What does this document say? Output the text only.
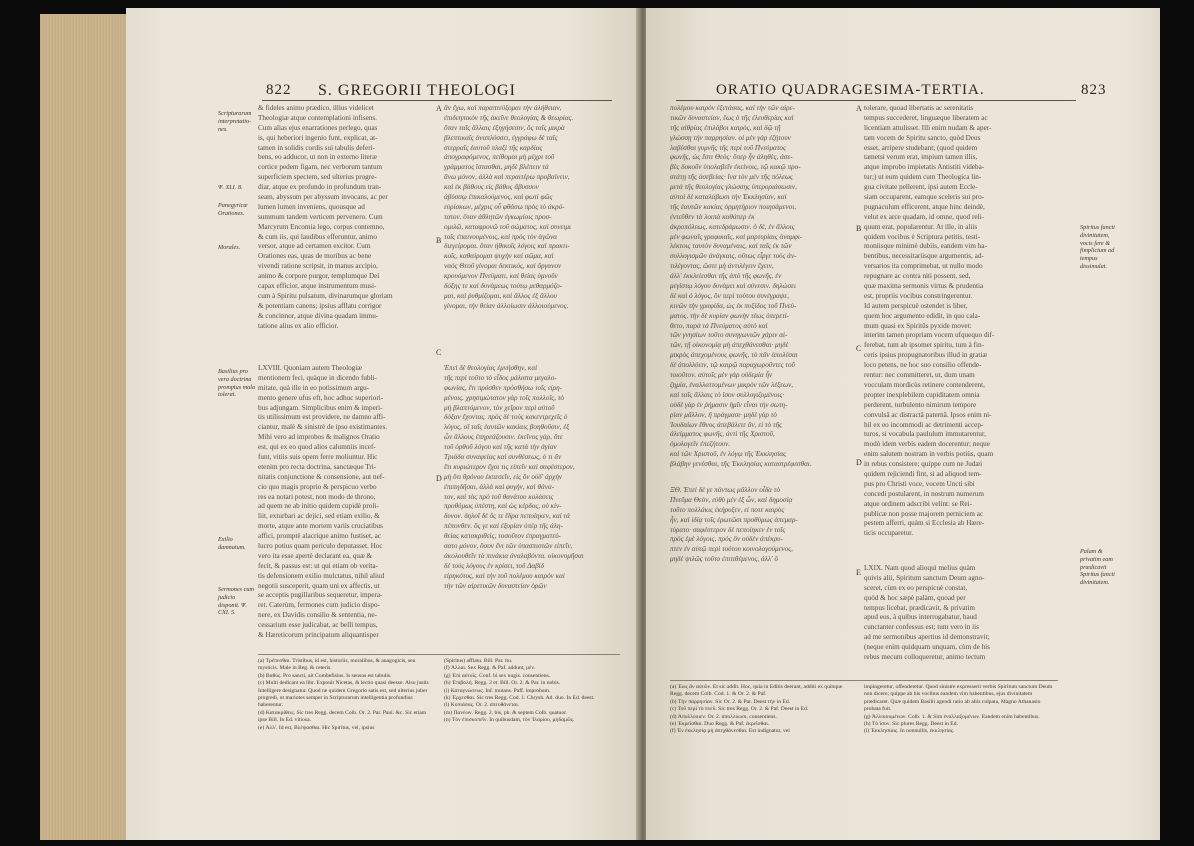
822 S. GREGORII THEOLOGI
Scripturarum interpretatio-nes.
Ψ. XLI. 8.
Panegyricæ Orationes.
Morales.
Basilius pro vera doctrina promptus mala tolerat.
Exilio damnatum.
Sermones cum judicio disponit. Ψ. CXI. 5.
& fideles animo prædico, illius videlicet
Theologiæ atque contemplationi infisens.
Cum alias ejus enarrationes perlego, quas
is, qui heberiori ingenio funt, explicat, at-
tamen in solidis cordis sui tabulis deferi-
bens, eo adducor, ut non in externo literæ
cortice pedem figam, nec verborum tantum
superficiem spectem, sed ulterius progre-
diar, atque ex profundo in profundum tran-
seam, abyssum per abyssum invocans, ac per
lumen lumen inveniens, quousque ad
summum tandem verticem pervenero. Cum
Marcyrum Encomia lego, corpus contemno,
& cum iis, qui laudibus efferuntur, animo
versor, atque ad certamen excitor. Cum
Orationes eas, quas de moribus ac bene
vivendi ratione scripsit, in manus accipio,
animo & corpore purgor, templumque Dei
capax efficior, atque instrumentum musi-
cum à Spiritu pulsatum, divinarumque gloriam
& potentiam canens; ipsius afflatu corrigor
& concinnor, atque divina quadam immu-
tatione alius ex alio efficior.
LXVIII. Quoniam autem Theologiæ
mentionem feci, quàque in dicendo fubli-
mitate, quà ille in eo potissimum argu-
mento genere ufus eft, hoc adhuc superiori-
bus adjungam. Simplicibus enim & imperi-
tis utilissimum est providere, ne damno affi-
ciantur, malè & sinistrè de ipso existimantes.
Mihi vero ad improbos & malignos Oratio
est, qui ex eo quod alios calumniis incef-
funt, vitiis suis opem ferre moliuntur. Hic
etenim pro recta doctrina, sanctæque Tri-
nitatis conjunctione & consensione, aut nef-
cio quo magis proprio & perspicuo verbo
res ea notari potest, non modo de throno,
ad quem ne ab initio quidem cupidè proli-
liit, exturbari ac dejici, sed etiam exilio, &
morte, atque ante mortem variis cruciatibus
affici, promptè alacrique animo fustiset, ac
lucro potius quam periculo deputasset. Hoc
vero ita esse apertè declarant ea, quæ &
fecit, & passus est: ut qui etiam ob verita-
tis defensionem exilio mulctatus, nihil aliud
negotii susceperit, quam uni ex affectis, ut
se acceptis pugillaribus sequeretur, impera-
ret. Caterùm, fermones cum judicio dispo-
nere, ex Davidis consilio & sententia, ne-
cessarium esse judicabat, ac belli tempus,
& Hæreticorum principatum aliquantisper
ἂν ἔχω, καὶ παραπτεύξομαι τὴν ἀλήθειαν,
ἐπιδεηπικὸν τῆς ἀκεῖνε θεολογίας & θεωρίας.
ὅταν ταῖς ἄλλαις ἐξηγήσεσιν, ὅς ταῖς μικρὰ
βλεπτικαῖς ἀναπλύσσει, ἐγγράφω δὲ ταῖς
στερραῖς ἑαυτοῦ πλαξὶ τῆς καρδίας
ἀπογραφόμενος, πείθομαι μὴ μέχρι τοῦ
γράμματος ἵστασθαι, μηδὲ βλέπειν τὰ
ἄνω μόνον, ἀλλὰ καὶ περαιτέρω προβαίνειν,
καὶ ἐκ βάθους εἰς βάθος ἄβυσσον
ἀβύσσῳ ἐπικαλούμενος, καὶ φωτὶ φῶς
εὑρίσκων, μέχρις οὗ φθάσω πρὸς τὸ ἀκρό-
τατον. ὅταν ἀθλητῶν ἐγκωμίοις προσ-
ομιλῶ, καταφρονῶ τοῦ σώματος, καὶ συνειμι
τοῖς ἐπαινουμένοις, καὶ πρὸς τὸν ἀγῶνα
διεγείρομαι. ὅταν ἠθικοῖς λόγοις καὶ πρακτι-
κοῖς, καθαίρομαι ψυχὴν καὶ σῶμα, καὶ
ναὸς Θεοῦ γίνομαι δεκτικός, καὶ ὄργανον
κρουόμενον Πνεύματι, καὶ θείας ὑμνοῦν
δόξης τε καὶ δυνάμεως τούτῳ μεθαρμόζο-
μαι, καὶ ῥυθμίζομαι, καὶ ἄλλος ἐξ ἄλλου
γίνομαι, τὴν θείαν ἀλλοίωσιν ἀλλοιούμενος.
Ἐπεὶ δὲ θεολογίας ἐμνήσθην, καὶ
τῆς περὶ τοῦτο τὸ εἶδος μάλιστα μεγαλο-
φωνίας, ἔτι πρόσθεν πρὸσθήσω τοῖς εἰρη-
μένοις. χρησιμώτατον γὰρ τοῖς πολλοῖς, τὸ
μὴ βλαπτόμενον, τὸν χεῖρον περὶ αὐτοῦ
δόξαν ἔχοντας. πρὸς δὲ τοὺς κακεντρεχεῖς ὁ
λόγος, οἳ ταῖς ἑαυτῶν κακίαις βοηθοῦσιν, ἐξ
ὧν ἄλλους ἐπηρεάζουσιν. ἐκεῖνος γὰρ, ὅτε
τοῦ ὀρθοῦ λόγου καὶ τῆς κατὰ τὴν ἁγίαν
Τριάδα συναφείας καὶ συνθέσεως, ὁ τι ἄν
ἔτι κυριώτερον ἔχοι τις εἰπεῖν καὶ σαφέστερον,
μὴ ὅτι θρόνου ἐκπεσεῖν, εἰς ὃν οὐδ' ἀρχὴν
ἐπιπηδῆσαι, ἀλλὰ καὶ φυγὴν, καὶ θάνα-
τον, καὶ τὰς πρὸ τοῦ θανάτου κολάσεις
προθύμως ὑπέστη, καὶ ὡς κέρδος, οὐ κίν-
δυνον. δηλοῖ δὲ ὅς τε ἔδρα πεποίηκεν, καὶ τὰ
πέπονθεν. ὅς γε καὶ ἐξορίαν ὑπὲρ τῆς ἀλη-
θείας κατακριθεὶς, τοσοῦτον ἐπραγματεύ-
σατο μόνον, ὅσον ἕνι τῶν ὑπασπιστῶν εἰπεῖν,
ἀκολουθεῖν τὰ πινάκια ἀναλαβόντα. οἰκονομῆσαι
δὲ τοὺς λόγους ἐν κρίσει, τοῦ Δαβὶδ
εἰρηκότος, καὶ τὴν τοῦ πολέμου καιρὸν καὶ
τὴν τῶν αἱρετικῶν δυναστείαν ὁρῶν
A
B
C
D
(a) Τρέπεσθαι. Tristibus, id est, historiis, moralibus, & anagogicis, seu mysticis. Male in Reg. & ceteris.
(b) Βαθὺς. Pro sancti, ait Combefisius. Is sensus est tabulis.
(c) Multi dedicant ea libr. Exponit Nicetas, & lectio quasi deesse. Also justis Intelligere designatur. Quod ne quidem Gregorio satis est, sed ulterius juber progredi, ut mariotes semper in Scripturarum intelligentia profundius haberentur.
(d) Κατακρίθεις. Sic tres Regg. decem Colb. Or. 2. Par. Paul. &c. Sic etiam ipse Bill. In Ed. vitiosa.
(e) Ἀλλ'. Id est, Βλέψασθαι. Hic Spiritus, vel, ipsius
(Spiritus) afflatu. Bill. Par. itu.
(f) Ἀλλαι. Sex Regg. & Paf. addunt, μὲν.
(g) Ἐπὶ αὐτοῖς. Conf. hi sex nugis. consentiens.
(h) Ἐπιβολή. Regg. 2 et. Bill. Or. 2. & Par. in nobis.
(i) Καταγνώσεως. Inf. mutans. Paff. improbum.
(k) Ἐρχεσθαι. Sic tres Regg. Cod. 1. Chrysh. Ad. duo. In Ed. deest.
(l) Κοπιάσας. Or. 2. ἀπευθάνεται.
(m) Πανέων. Regg. 2. bis, ph. & septem Colb. quatuor.
(n) Τὸν ἐπισκοπεῖν. In quibusdam, τὸν Ἱλαρίου, μηδαμῶς.
ORATIO QUADRAGESIMA-TERTIA.	823
πολέμου καιρὸν ἐξετάσας, καὶ τὴν τῶν αἱρε-
τικῶν δυναστείαν, ἕως ὁ τῆς ἐλευθερίας καὶ
τῆς αἰθρίας ἐπιλάβοι καιρὸς, καὶ δῷ τῇ
γλώσσῃ τὴν παρρησίαν. οἱ μὲν γὰρ ἐζήτουν
λαβέσθαι γυμνῆς τῆς περὶ τοῦ Πνεύματος
φωνῆς, ὡς ἔστι Θεὸς· ὅπερ ἦν ἀληθὲς, ἀσε-
βὲς δοκοῦν ὑπολαβεῖν ἐκείνοις, τῷ κακῷ προ-
στάτῃ τῆς ἀσεβείας· ἵνα τὸν μὲν τῆς πόλεως
μετὰ τῆς θεολογίας γλώσσης ὑπεροριάσωσιν,
αὐτοὶ δὲ καταλάβωσι τὴν Ἐκκλησίαν, καὶ
τῆς ἑαυτῶν κακίας ὁρμητήριον ποιησάμενοι,
ἐντεῦθεν τὰ λοιπὰ καθάπερ ἐκ
ἀκροπόλεως, κατεδράμωσιν. ὁ δὲ, ἐν ἄλλοις
μὲν φωναῖς γραφικαῖς, καὶ μαρτυρίαις ἀναμφι-
λέκτοις ταυτὸν δυναμέναις, καὶ ταῖς ἐκ τῶν
συλλογισμῶν ἀνάγκαις, οὕτως εἶργε τοὺς ἀν-
τιλέγοντας, ὥστε μὴ ἀντιλέγειν ἔχειν,
ἀλλ' ἐκκλείεσθαι τῆς ἀπὸ τῆς φωνῆς, ἐν
μεγίστῳ λόγου δυνάμει καὶ σύνεσιν. δηλώσει
δὲ καὶ ὁ λόγος, ὃν περὶ τούτου συνέγραψε,
κινῶν τὴν γραφίδα, ὡς ἐκ πυξίδος τοῦ Πνεύ-
ματος. τὴν δὲ κυρίαν φωνὴν τέως ὑπερετί-
θετο, παρὰ τὰ Πνεύματος αὐτὸ καὶ
τῶν γνησίων τοῦτο συνηγωνιῶν χάριν αἰ-
τῶν, τῇ οἰκονομίᾳ μὴ ἀπεχθάνεσθαι· μηδὲ
μικρὸς ἀπεχομένους φωνῆς, τὸ πᾶν ἀπολέσαι
δὲ ἀπολλύειν, τῷ καιρῷ παραχωροῦντες τοῦ
τοιοῦτον. αὐτοῖς μὲν γὰρ οὐδεμία ἦν
ζημία, ἐναλλαττομένων μικρὸν τῶν λέξεων,
καὶ ταῖς ἄλλαις τὸ ἴσον συλλογιζομένοις·
οὐδὲ γὰρ ἐν ῥήμασιν ἡμῖν εἶναι τὴν σωτη-
ρίαν μᾶλλον, ἢ πράγμασι· μηδὲ γὰρ τὸ
Ἰουδαίων ἔθνος ἀπεβάλετε ἄν, εἰ τὸ τῆς
ἀλείμματος φωνῆς, ἀντὶ τῆς Χριστοῦ,
ὁμολογεῖν ἐπεζήτουν.
καὶ τῶν Χριστοῦ, ἐν λόγῳ τῆς Ἐκκλησίας
βλάβην γενέσθαι, τῆς Ἐκκλησίας καταστρέφεσθαι.
ΞΘ. Ἐπεὶ δὲ γε πάντως μᾶλλον οἶδα τὸ
Πνεῦμα Θεὸν, εὐθὺ μὲν ἐξ ὧν, καὶ δημοσίᾳ
τοῦτο πολλάκις ἐκήρυξεν, εἰ ποτε καιρὸς
ἦν, καὶ ἰδίᾳ τοῖς ἐρωτῶσι προθύμως ἀπεμαρ-
τύρατο· σαφέστερον δὲ πεποίηκεν ἐν τοῖς
πρὸς ἐμὲ λόγοις, πρὸς ὃν οὐδὲν ἀπέκρυ-
πτεν ἐν αὐτῷ περὶ τούτου κοινολογούμενος,
μηδὲ ψιλῶς τοῦτο ἐπιτιθέμενος, ἀλλ' ὃ
tolerare, quoad libertatis ac serenitatis
tempus succederet, linguæque liberatem ac
licentiam attulisset. Illi enim nudam & aper-
tam vocem de Spiritu sancto, quòd Deus
esset, arripere studebant; (quod quidem
tametsi verum erat, impium tamen illis,
atque improbo impietatis Antistiti videba-
tur;) ut eum quidem cum Theologica lin-
gua civitate pellerent, ipsi autem Eccle-
siam occuparent, eamque sceleris sui pro-
pugnaculum efficerent, atque hinc deindè,
velut ex arce quadam, id omne, quod reli-
quum erat, popularentur. At ille, in aliis
quidem vocibus è Scriptura petitis, testi-
moniisque minimè dubiis, eandem vim ha-
bentibus, necessitariisque argumentis, ad-
versarios ita comprimebat, ut nullo modo
repugnare ac contra niti possent, sed,
quæ maxima sermonis virtus & prudentia
est, propriis vocibus constringerentur.
Id autem perspicuè ostendet is liber,
quem hoc argumento edidit, in quo cala-
mum quasi ex Spiritûs pyxide movet:
interim tamen propriam vocem ufquequo dif-
ferebat, tum ab ipsomet spiritu, tum à fin-
ceris ipsius propugnatoribus illud in gratiæ
loco petens, ne hoc suo consilio offende-
rentur: nec committeret, ut, dum unam
vocculam mordicùs retinere contenderent,
propter inexplebilem cupiditatem omnia
perderent, turbulento nimirum tempore
convulsâ ac distractâ paternâ. Ipsos enim ni-
hil ex eo incommodi ac detrimenti accep-
turos, si vocabula paululum immutarentur,
modò idem verbis eadem docerentur; neque
enim salutem nostram in verbis potiùs, quam
in rebus consistere; quippe cum ne Judæi
quidem rejiciendi fint, si ad aliquod tem-
pus pro Christi voce, vocem Uncti sibi
concedi postularent, in nostrum numerum
atque ordinem adscribi velint: se Rei-
publicæ non posse majorem perniciem ac
pestem afferri, quàm si Ecclesia ab Hære-
ticis occuparetur.
LXIX. Nam quod alioqui melius quàm
quivis alii, Spiritum sanctum Deum agno-
sceret, cùm ex eo perspicuè constat,
quòd & hoc sæpè palàm, quoad per
tempus licebat, prædicavit, & privatim
apud eos, à quibus interrogabatur, haud
cunctanter confessus est; tum vero in iis
ad me sermonibus apertius id demonstravit;
(neque enim quidquam unquam, cùm de his
rebus mecum colloqueretur, animo tectum
Spiritus fancti divinitatem, vocis fere & fimplicium ad tempus dissimulat.
Palam & privatim eam prædicavit Spiritus fancti divinitatem.
A
B
C
D
E
(a) Ἐως ἂν αὐτῶν. Et sic addit. Hoc, quia in Editis deerant, additi ex quinque Regg. decem Colb. Cod. 1. & Or. 2. & Paf.
(b) Τὴν παρρησίαν. Sic Or. 2. & Par. Deest τὴν in Ed.
(c) Τοῦ περὶ τὸ πνεῦ. Sic tres Regg. Or. 2. & Paf. Deest in Ed.
(d) Ἀπολλύοιεν. Or. 2. ἀπολλύωσι, consentiens.
(e) Ἐκρεῖσθαι. Duo Regg. & Paf. ἐκρεῖσθαι.
(f) Ἐν ἐκκλησίᾳ μὴ ἀπεχθάνεσθαι. Est indignatur, vel
impingeretur, offenderetur. Quod sinistre expresserit verbis Spiritum sanctum Deum non dicere; quippe ab his vocibus eandem vim habentibus, ejus divinitatem prædicaret. Quæ quidem Basilii agendi ratio ab aliis culpata, Magno Athanasio probata fuit.
(g) Ἀλλοιουμένων. Colb. 1. & Sim ἐναλλαξομένων. Eandem enim habentibus.
(h) Τὸ ἴσον. Sic plures Regg. Deest in Ed.
(i) Ἐκκλησίαις. In nonnullis, ἐκκλησίας.
